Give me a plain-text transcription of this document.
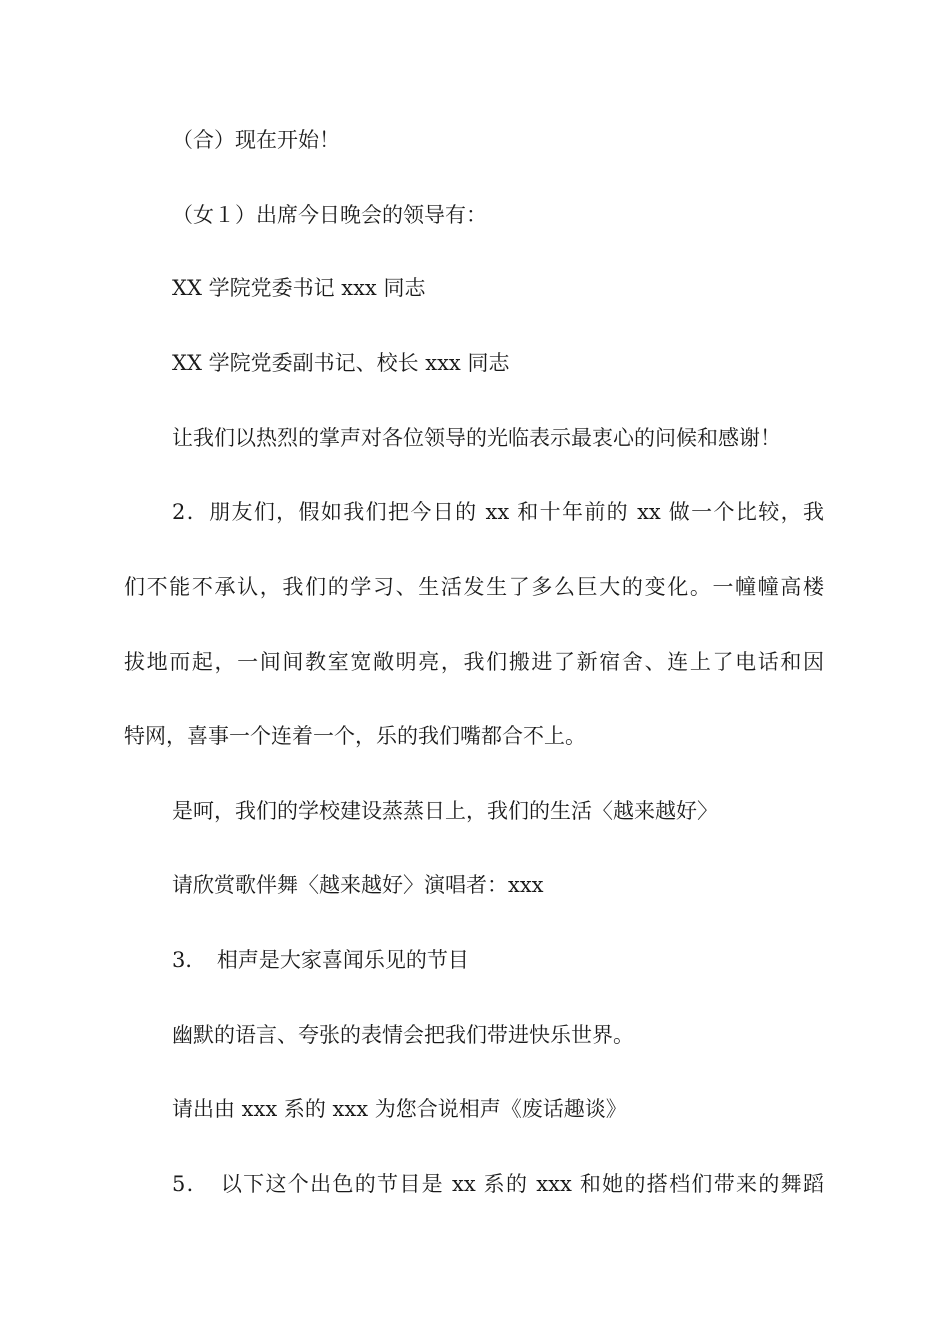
（合）现在开始！
（女１）出席今日晚会的领导有：
XX 学院党委书记 xxx 同志
XX 学院党委副书记、校长 xxx 同志
让我们以热烈的掌声对各位领导的光临表示最衷心的问候和感谢！
2．朋友们，假如我们把今日的 xx 和十年前的 xx 做一个比较，我
们不能不承认，我们的学习、生活发生了多么巨大的变化。一幢幢高楼
拔地而起，一间间教室宽敞明亮，我们搬进了新宿舍、连上了电话和因
特网，喜事一个连着一个，乐的我们嘴都合不上。
是呵，我们的学校建设蒸蒸日上，我们的生活〈越来越好〉
请欣赏歌伴舞〈越来越好〉演唱者：xxx
3．　相声是大家喜闻乐见的节目
幽默的语言、夸张的表情会把我们带进快乐世界。
请出由 xxx 系的 xxx 为您合说相声《废话趣谈》
5．　以下这个出色的节目是 xx 系的 xxx 和她的搭档们带来的舞蹈
